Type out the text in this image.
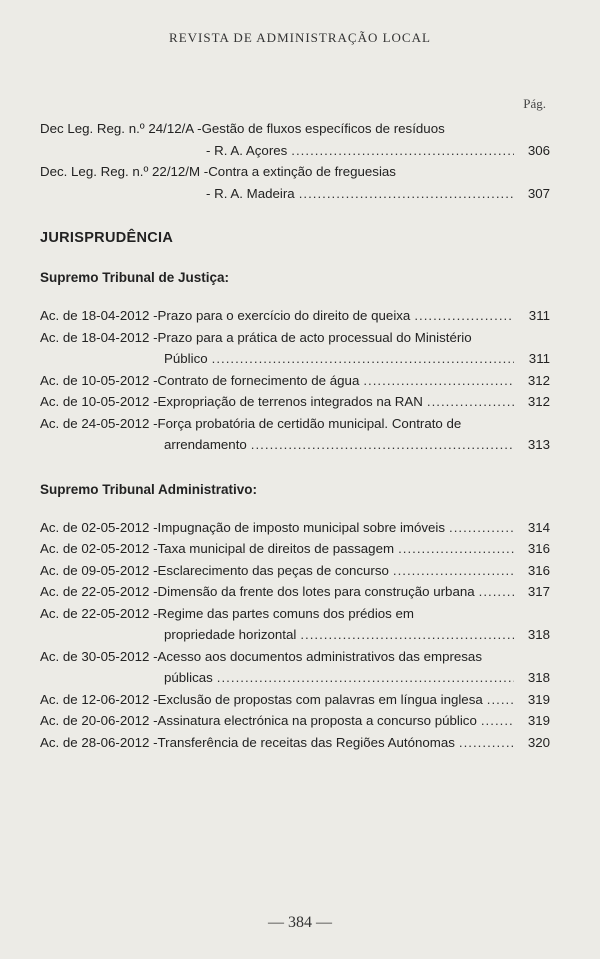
REVISTA DE ADMINISTRAÇÃO LOCAL
Pág.
Dec Leg. Reg. n.º 24/12/A - Gestão de fluxos específicos de resíduos
- R. A. Açores .....	306
Dec. Leg. Reg. n.º 22/12/M - Contra a extinção de freguesias
- R. A. Madeira .....	307
JURISPRUDÊNCIA
Supremo Tribunal de Justiça:
Ac. de 18-04-2012 - Prazo para o exercício do direito de queixa .....	311
Ac. de 18-04-2012 - Prazo para a prática de acto processual do Ministério
Público .....	311
Ac. de 10-05-2012 - Contrato de fornecimento de água .....	312
Ac. de 10-05-2012 - Expropriação de terrenos integrados na RAN .....	312
Ac. de 24-05-2012 - Força probatória de certidão municipal. Contrato de
arrendamento .....	313
Supremo Tribunal Administrativo:
Ac. de 02-05-2012 - Impugnação de imposto municipal sobre imóveis .....	314
Ac. de 02-05-2012 - Taxa municipal de direitos de passagem .....	316
Ac. de 09-05-2012 - Esclarecimento das peças de concurso .....	316
Ac. de 22-05-2012 - Dimensão da frente dos lotes para construção urbana .....	317
Ac. de 22-05-2012 - Regime das partes comuns dos prédios em
propriedade horizontal .....	318
Ac. de 30-05-2012 - Acesso aos documentos administrativos das empresas
públicas .....	318
Ac. de 12-06-2012 - Exclusão de propostas com palavras em língua inglesa .....	319
Ac. de 20-06-2012 - Assinatura electrónica na proposta a concurso público .....	319
Ac. de 28-06-2012 - Transferência de receitas das Regiões Autónomas .....	320
— 384 —
